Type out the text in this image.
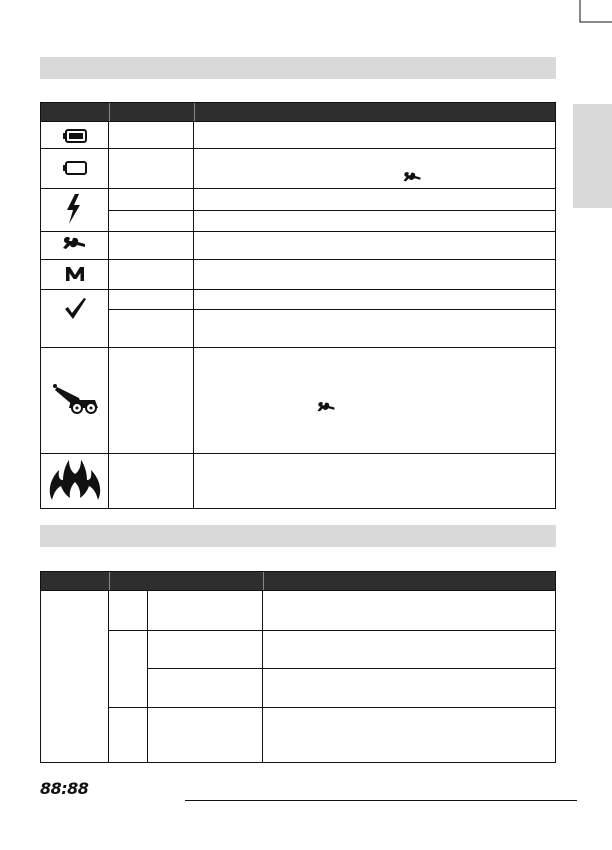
88:88
